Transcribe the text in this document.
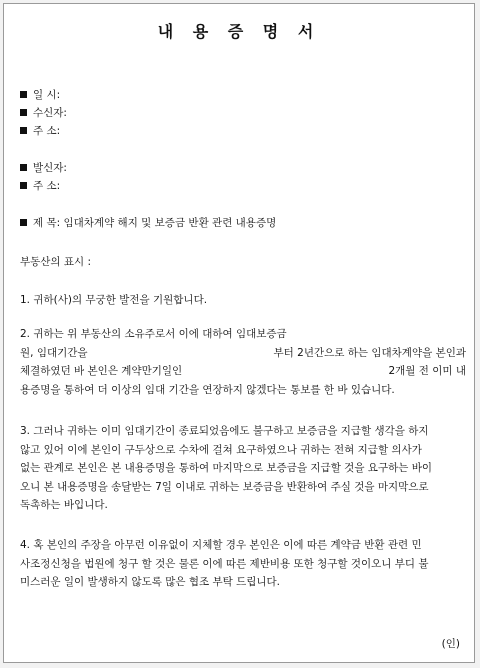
내 용 증 명 서
일 시:
수신자:
주 소:
발신자:
주 소:
제 목: 임대차계약 해지 및 보증금 반환 관련 내용증명
부동산의 표시 :
1. 귀하(사)의 무궁한 발전을 기원합니다.
2. 귀하는 위 부동산의 소유주로서 이에 대하여 임대보증금
원, 임대기간을	부터 2년간으로 하는 임대차계약을 본인과
체결하였던 바 본인은 계약만기일인	2개월 전 이미 내
용증명을 통하여 더 이상의 임대 기간을 연장하지 않겠다는 통보를 한 바 있습니다.
3. 그러나 귀하는 이미 임대기간이 종료되었음에도 불구하고 보증금을 지급할 생각을 하지
않고 있어 이에 본인이 구두상으로 수차에 걸쳐 요구하였으나 귀하는 전혀 지급할 의사가
없는 관계로 본인은 본 내용증명을 통하여 마지막으로 보증금을 지급할 것을 요구하는 바이
오니 본 내용증명을 송달받는 7일 이내로 귀하는 보증금을 반환하여 주실 것을 마지막으로
독촉하는 바입니다.
4. 혹 본인의 주장을 아무런 이유없이 지체할 경우 본인은 이에 따른 계약금 반환 관련 민
사조정신청을 법원에 청구 할 것은 물론 이에 따른 제반비용 또한 청구할 것이오니 부디 불
미스러운 일이 발생하지 않도록 많은 협조 부탁 드립니다.
(인)
